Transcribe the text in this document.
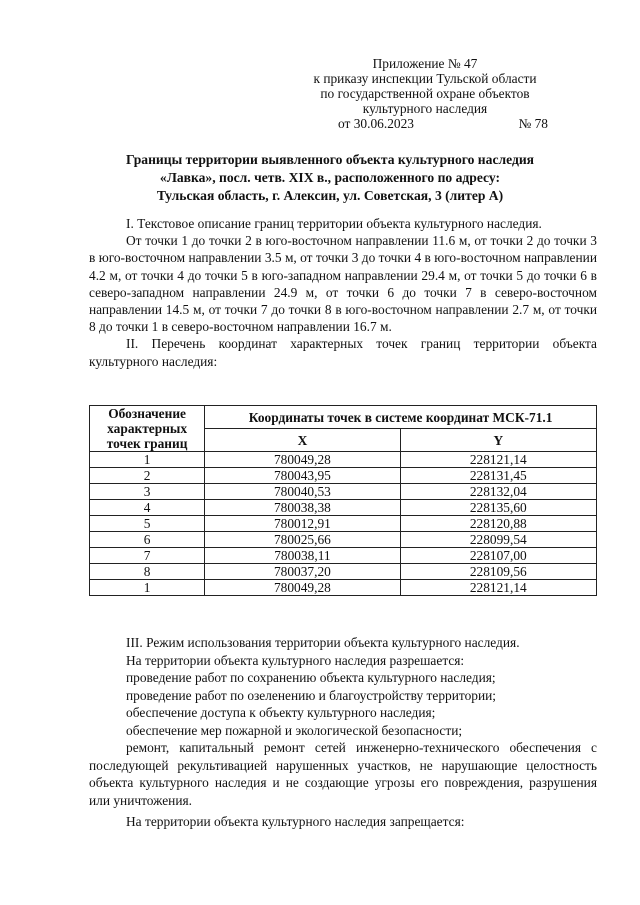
Приложение № 47
к приказу инспекции Тульской области
по государственной охране объектов
культурного наследия
от 30.06.2023	№ 78
Границы территории выявленного объекта культурного наследия
«Лавка», посл. четв. XIX в., расположенного по адресу:
Тульская область, г. Алексин, ул. Советская, 3 (литер А)

I. Текстовое описание границ территории объекта культурного наследия.

От точки 1 до точки 2 в юго-восточном направлении 11.6 м, от точки 2 до точки 3 в юго-восточном направлении 3.5 м, от точки 3 до точки 4 в юго-восточном направлении 4.2 м, от точки 4 до точки 5 в юго-западном направлении 29.4 м, от точки 5 до точки 6 в северо-западном направлении 24.9 м, от точки 6 до точки 7 в северо-восточном направлении 14.5 м, от точки 7 до точки 8 в юго-восточном направлении 2.7 м, от точки 8 до точки 1 в северо-восточном направлении 16.7 м.

II. Перечень координат характерных точек границ территории объекта культурного наследия:

Обозначение характерных точек границ	Координаты точек в системе координат МСК-71.1	
	X	Y
1	780049,28	228121,14
2	780043,95	228131,45
3	780040,53	228132,04
4	780038,38	228135,60
5	780012,91	228120,88
6	780025,66	228099,54
7	780038,11	228107,00
8	780037,20	228109,56
1	780049,28	228121,14

III. Режим использования территории объекта культурного наследия.

На территории объекта культурного наследия разрешается:

проведение работ по сохранению объекта культурного наследия;

проведение работ по озеленению и благоустройству территории;

обеспечение доступа к объекту культурного наследия;

обеспечение мер пожарной и экологической безопасности;

ремонт, капитальный ремонт сетей инженерно-технического обеспечения с последующей рекультивацией нарушенных участков, не нарушающие целостность объекта культурного наследия и не создающие угрозы его повреждения, разрушения или уничтожения.

На территории объекта культурного наследия запрещается:
